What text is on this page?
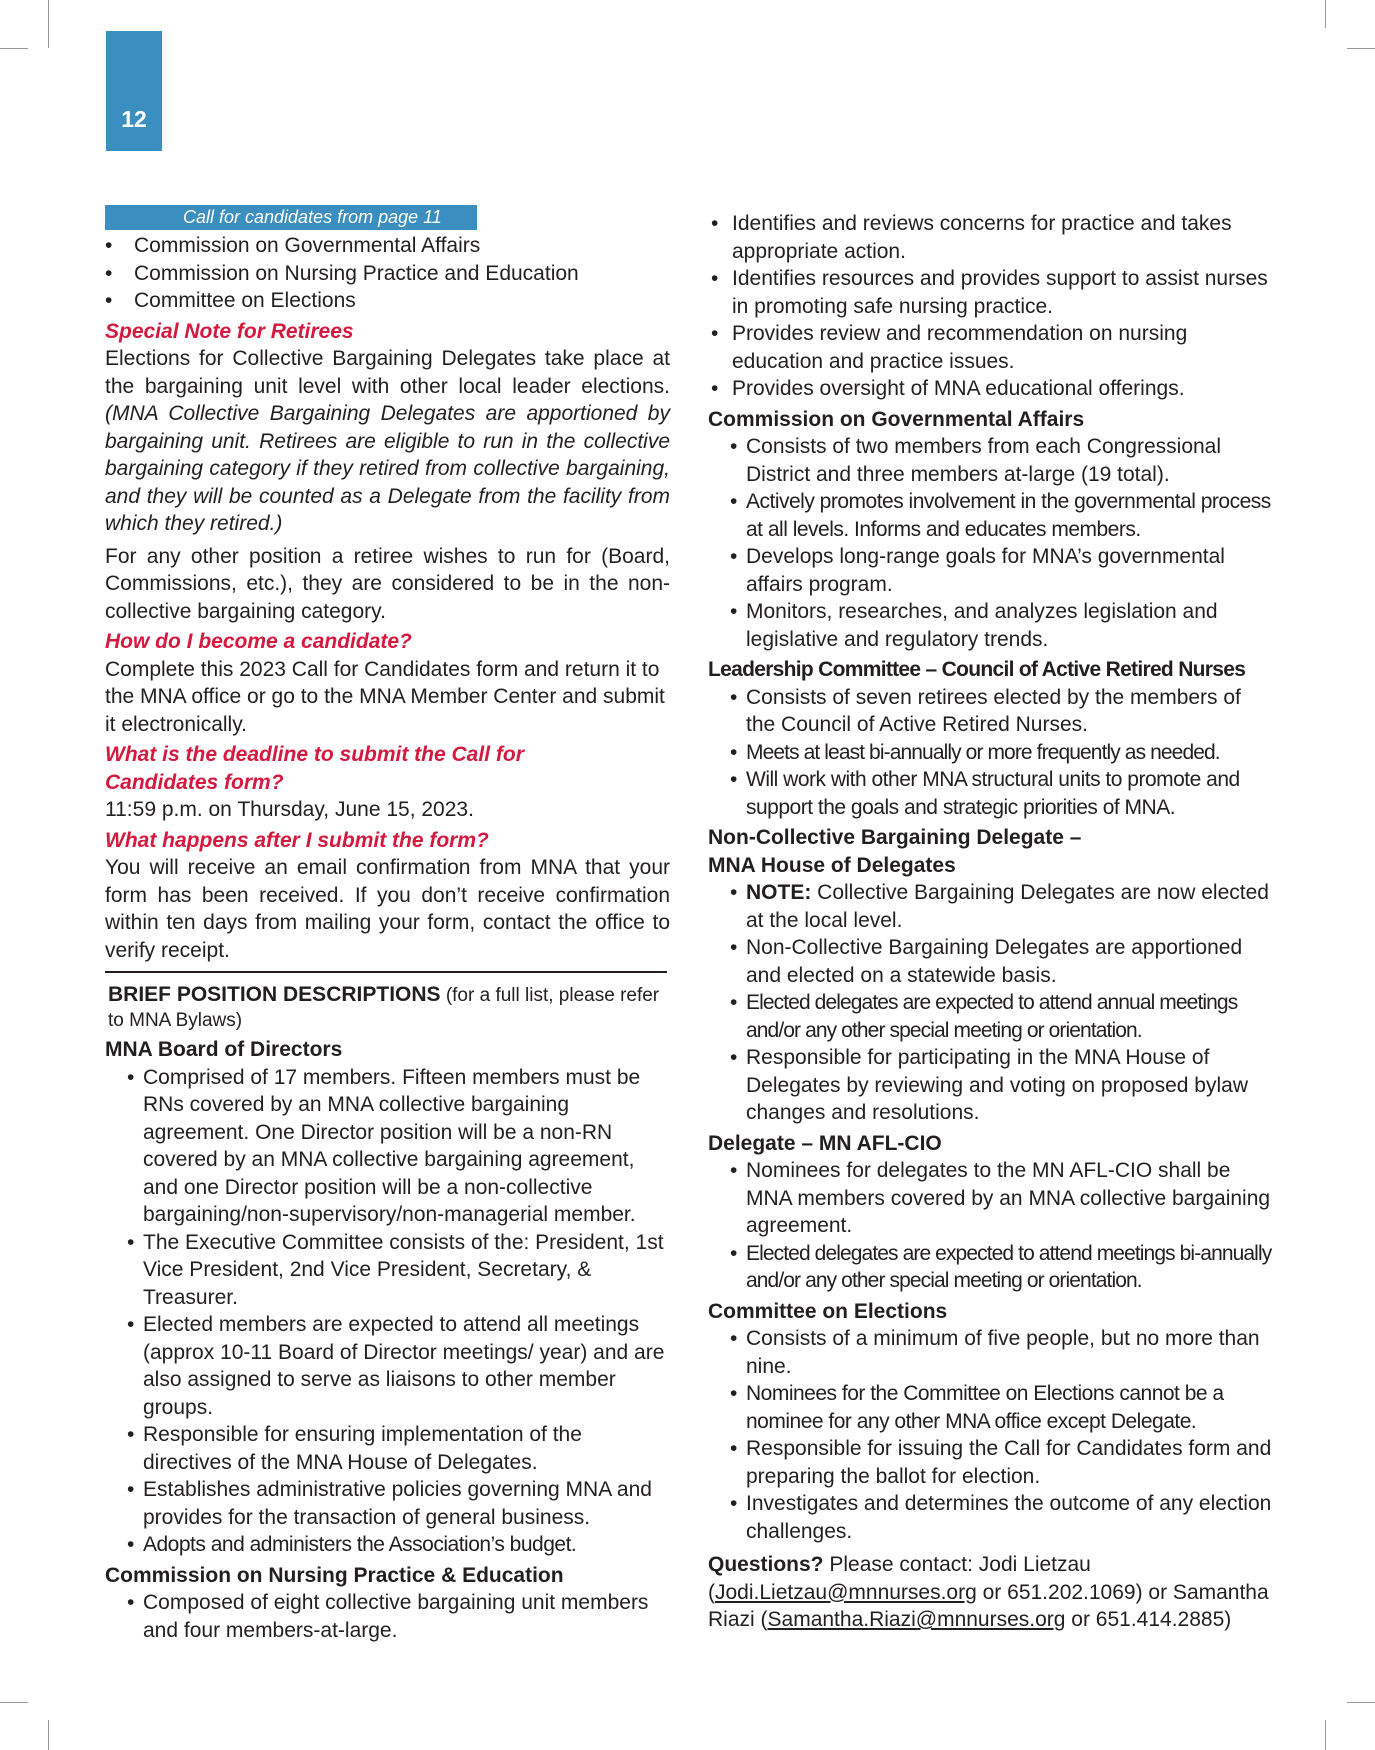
12
Call for candidates from page 11
• Commission on Governmental Affairs
• Commission on Nursing Practice and Education
• Committee on Elections
Special Note for Retirees

Elections for Collective Bargaining Delegates take place at the bargaining unit level with other local leader elections. (MNA Collective Bargaining Delegates are apportioned by bargaining unit. Retirees are eligible to run in the collective bargaining category if they retired from collective bargaining, and they will be counted as a Delegate from the facility from which they retired.)

For any other position a retiree wishes to run for (Board, Commissions, etc.), they are considered to be in the non-collective bargaining category.

How do I become a candidate?

Complete this 2023 Call for Candidates form and return it to the MNA office or go to the MNA Member Center and submit it electronically.

What is the deadline to submit the Call for Candidates form?

11:59 p.m. on Thursday, June 15, 2023.

What happens after I submit the form?

You will receive an email confirmation from MNA that your form has been received. If you don’t receive confirmation within ten days from mailing your form, contact the office to verify receipt.

BRIEF POSITION DESCRIPTIONS (for a full list, please refer to MNA Bylaws)
MNA Board of Directors
• Comprised of 17 members. Fifteen members must be RNs covered by an MNA collective bargaining agreement. One Director position will be a non-RN covered by an MNA collective bargaining agreement, and one Director position will be a non-collective bargaining/non-supervisory/non-managerial member.
• The Executive Committee consists of the: President, 1st Vice President, 2nd Vice President, Secretary, & Treasurer.
• Elected members are expected to attend all meetings (approx 10-11 Board of Director meetings/ year) and are also assigned to serve as liaisons to other member groups.
• Responsible for ensuring implementation of the directives of the MNA House of Delegates.
• Establishes administrative policies governing MNA and provides for the transaction of general business.
• Adopts and administers the Association’s budget.
Commission on Nursing Practice & Education
• Composed of eight collective bargaining unit members and four members-at-large.
• Identifies and reviews concerns for practice and takes appropriate action.
• Identifies resources and provides support to assist nurses in promoting safe nursing practice.
• Provides review and recommendation on nursing education and practice issues.
• Provides oversight of MNA educational offerings.
Commission on Governmental Affairs
• Consists of two members from each Congressional District and three members at-large (19 total).
• Actively promotes involvement in the governmental process at all levels. Informs and educates members.
• Develops long-range goals for MNA’s governmental affairs program.
• Monitors, researches, and analyzes legislation and legislative and regulatory trends.
Leadership Committee – Council of Active Retired Nurses
• Consists of seven retirees elected by the members of the Council of Active Retired Nurses.
• Meets at least bi-annually or more frequently as needed.
• Will work with other MNA structural units to promote and support the goals and strategic priorities of MNA.
Non-Collective Bargaining Delegate –
MNA House of Delegates
• NOTE: Collective Bargaining Delegates are now elected at the local level.
• Non-Collective Bargaining Delegates are apportioned and elected on a statewide basis.
• Elected delegates are expected to attend annual meetings and/or any other special meeting or orientation.
• Responsible for participating in the MNA House of Delegates by reviewing and voting on proposed bylaw changes and resolutions.
Delegate – MN AFL-CIO
• Nominees for delegates to the MN AFL-CIO shall be MNA members covered by an MNA collective bargaining agreement.
• Elected delegates are expected to attend meetings bi-annually and/or any other special meeting or orientation.
Committee on Elections
• Consists of a minimum of five people, but no more than nine.
• Nominees for the Committee on Elections cannot be a nominee for any other MNA office except Delegate.
• Responsible for issuing the Call for Candidates form and preparing the ballot for election.
• Investigates and determines the outcome of any election challenges.

Questions? Please contact: Jodi Lietzau (Jodi.Lietzau@mnnurses.org or 651.202.1069) or Samantha Riazi (Samantha.Riazi@mnnurses.org or 651.414.2885)
